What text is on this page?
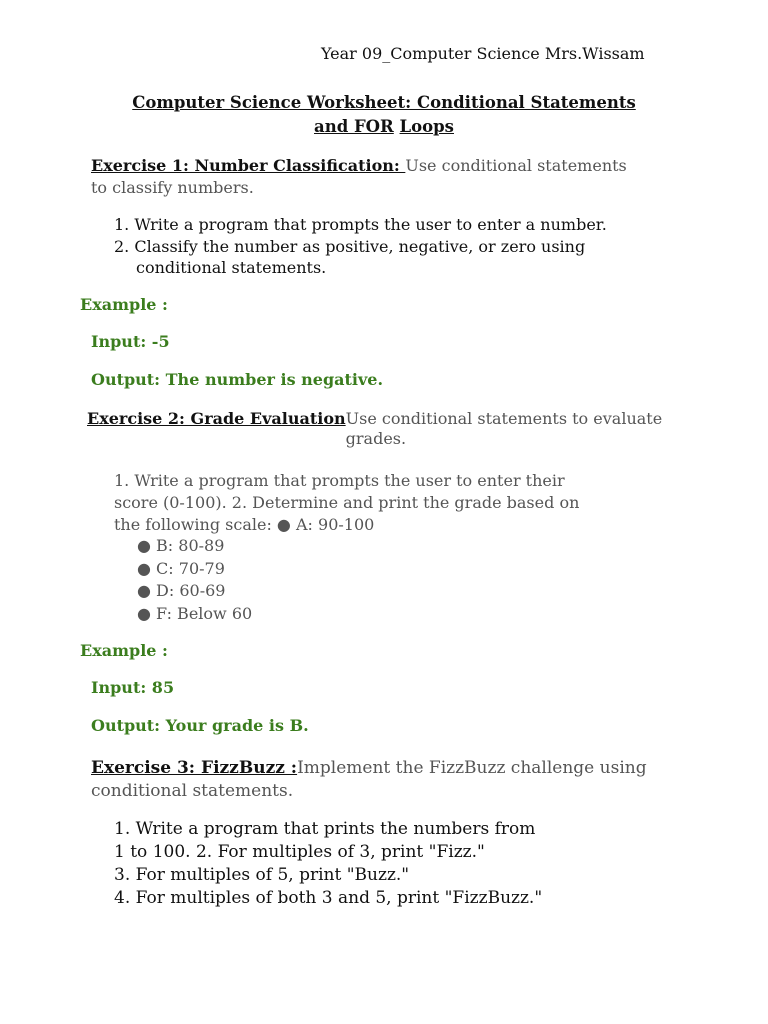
Year 09_Computer Science Mrs.Wissam
Computer Science Worksheet: Conditional Statements
and FOR Loops
Exercise 1: Number Classification: Use conditional statements
to classify numbers.
1. Write a program that prompts the user to enter a number.
2. Classify the number as positive, negative, or zero using
conditional statements.
Example :
Input: -5
Output: The number is negative.
Exercise 2: Grade EvaluationUse conditional statements to evaluate
grades.
1. Write a program that prompts the user to enter their
score (0-100). 2. Determine and print the grade based on
the following scale: ● A: 90-100
● B: 80-89
● C: 70-79
● D: 60-69
● F: Below 60
Example :
Input: 85
Output: Your grade is B.
Exercise 3: FizzBuzz :Implement the FizzBuzz challenge using
conditional statements.
1. Write a program that prints the numbers from
1 to 100. 2. For multiples of 3, print "Fizz."
3. For multiples of 5, print "Buzz."
4. For multiples of both 3 and 5, print "FizzBuzz."
